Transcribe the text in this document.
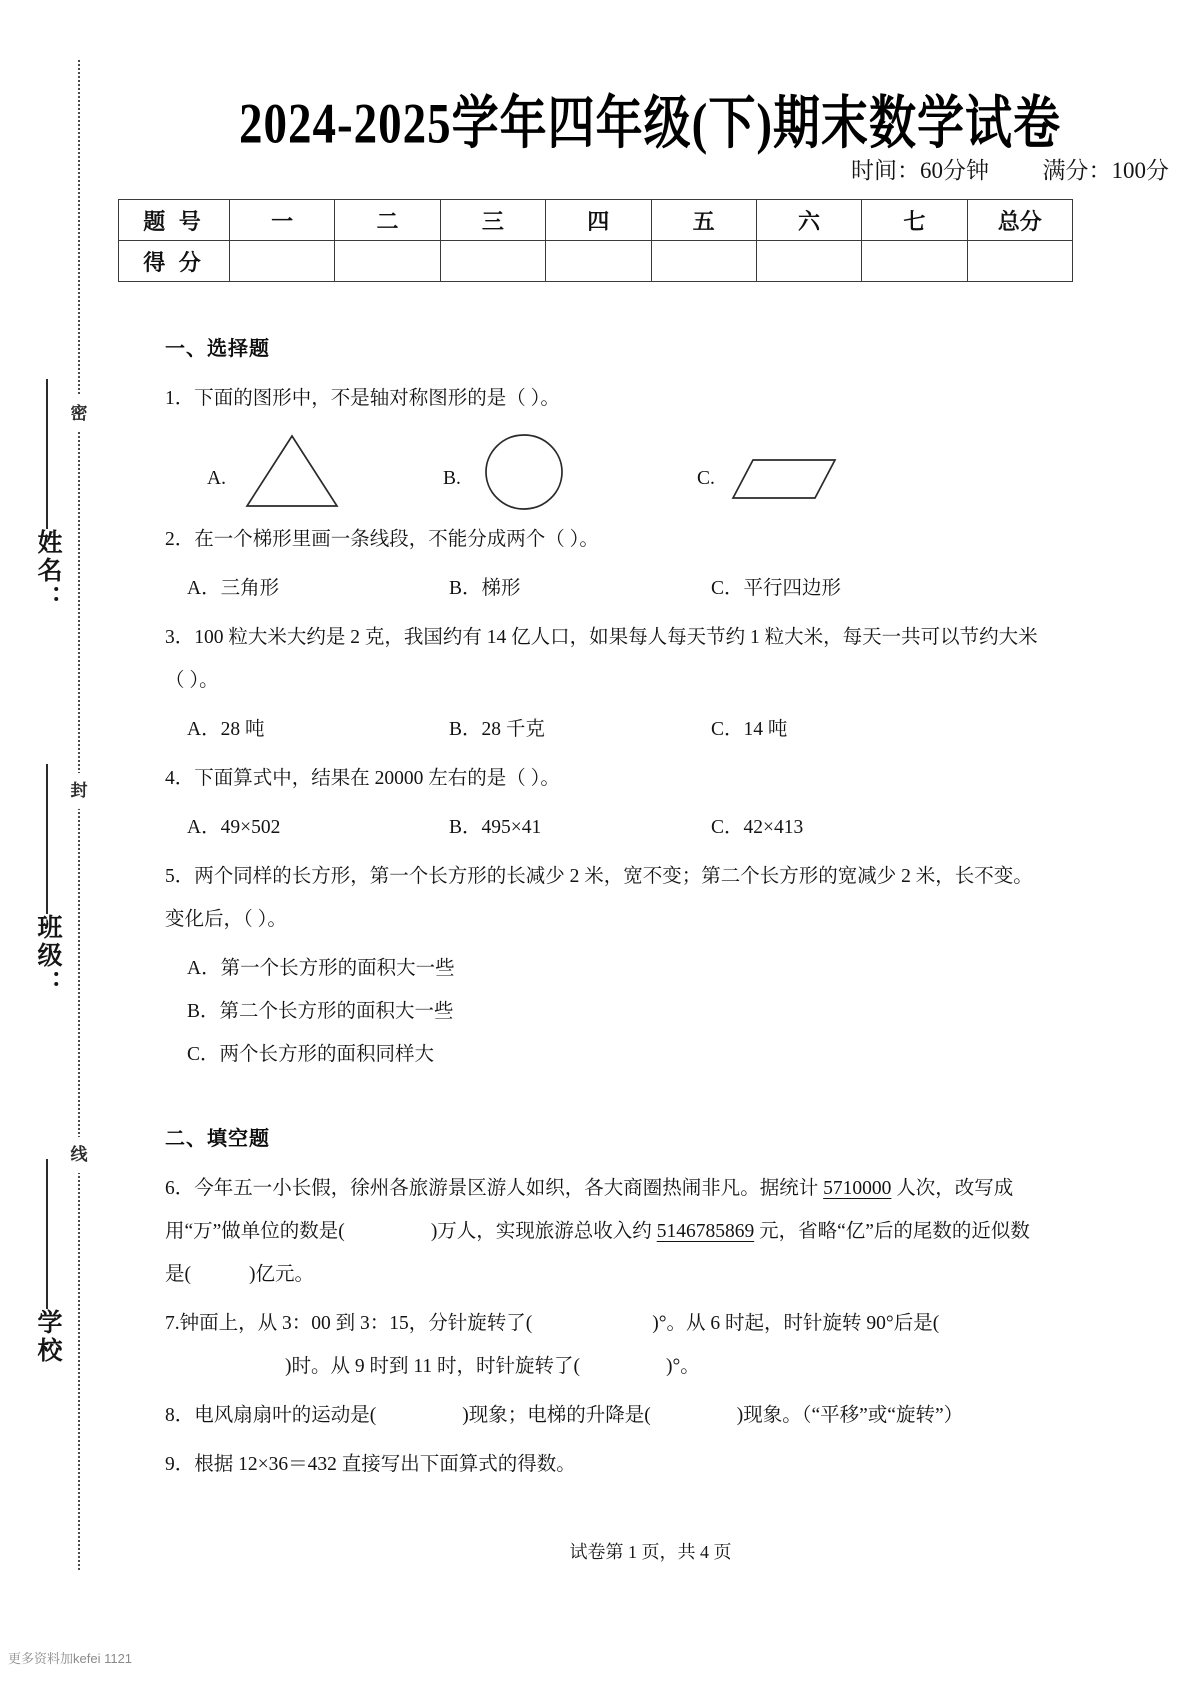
密
封
线
姓名：
班级：
学校
2024-2025学年四年级(下)期末数学试卷
时间：60分钟 满分：100分
题 号	一	二	三	四	五	六	七	总分
得 分								
一、选择题

1．下面的图形中，不是轴对称图形的是（ ）。

A.	B.	C.

2．在一个梯形里画一条线段，不能分成两个（ ）。

A．三角形	B．梯形	C．平行四边形

3．100 粒大米大约是 2 克，我国约有 14 亿人口，如果每人每天节约 1 粒大米，每天一共可以节约大米（ ）。

A．28 吨	B．28 千克	C．14 吨

4．下面算式中，结果在 20000 左右的是（ ）。

A．49×502	B．495×41	C．42×413

5．两个同样的长方形，第一个长方形的长减少 2 米，宽不变；第二个长方形的宽减少 2 米，长不变。变化后，（ ）。

A．第一个长方形的面积大一些

B．第二个长方形的面积大一些

C．两个长方形的面积同样大

二、填空题

6．今年五一小长假，徐州各旅游景区游人如织，各大商圈热闹非凡。据统计 5710000 人次，改写成用“万”做单位的数是(	)万人，实现旅游总收入约 5146785869 元，省略“亿”后的尾数的近似数是(	)亿元。

7.钟面上，从 3：00 到 3：15，分针旋转了(	)°。从 6 时起，时针旋转 90°后是()时。从 9 时到 11 时，时针旋转了(	)°。

8．电风扇扇叶的运动是(	)现象；电梯的升降是(	)现象。（“平移”或“旋转”）

9．根据 12×36＝432 直接写出下面算式的得数。

试卷第 1 页，共 4 页
更多资料加kefei 1121
